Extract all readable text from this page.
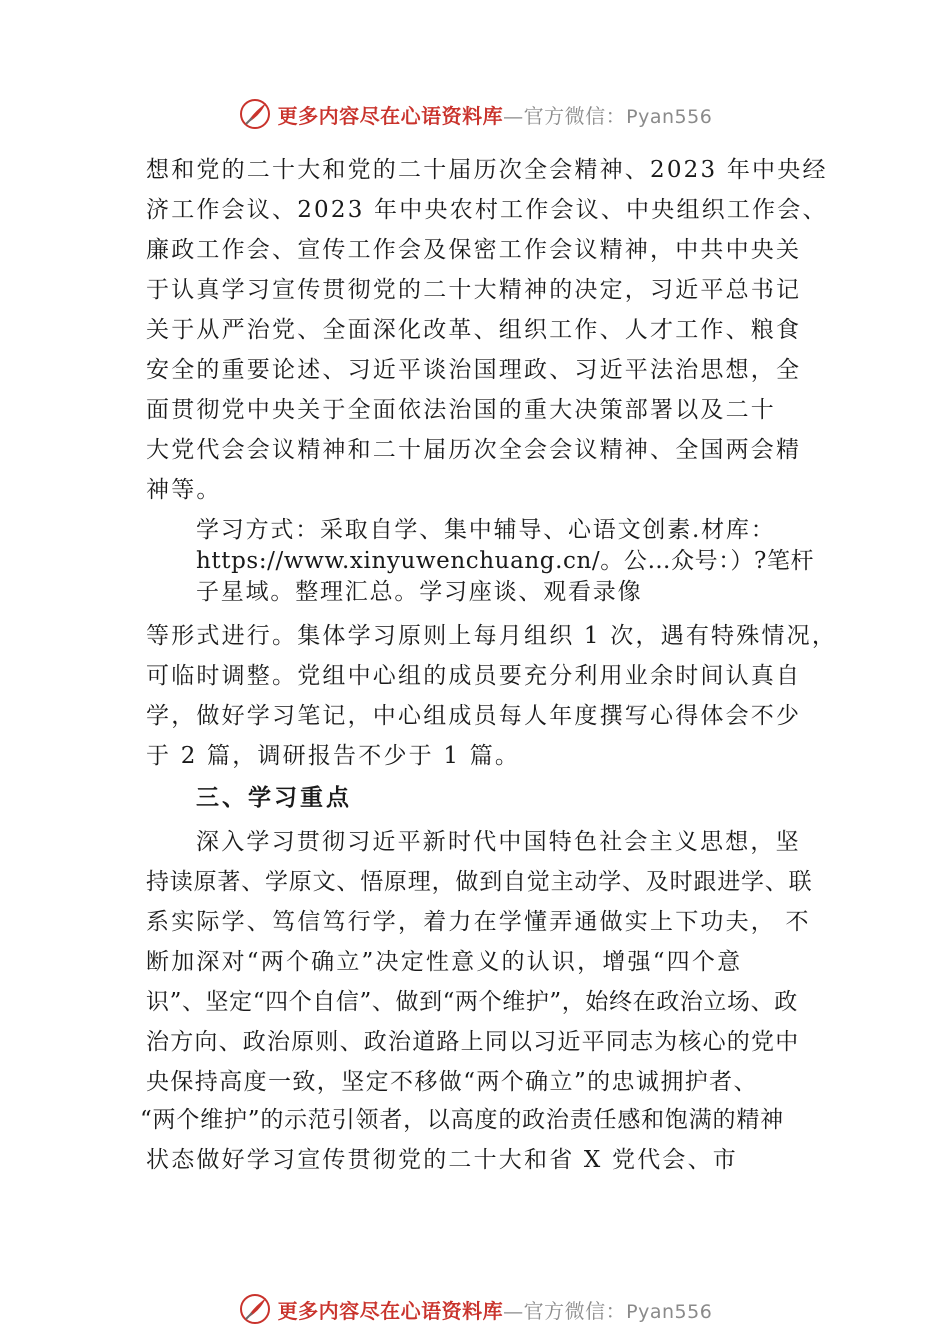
更多内容尽在心语资料库—官方微信：Pyan556
想和党的二十大和党的二十届历次全会精神、2023 年中央经
济工作会议、2023 年中央农村工作会议、中央组织工作会、
廉政工作会、宣传工作会及保密工作会议精神，中共中央关
于认真学习宣传贯彻党的二十大精神的决定，习近平总书记
关于从严治党、全面深化改革、组织工作、人才工作、粮食
安全的重要论述、习近平谈治国理政、习近平法治思想，全
面贯彻党中央关于全面依法治国的重大决策部署以及二十
大党代会会议精神和二十届历次全会会议精神、全国两会精
神等。
学习方式：采取自学、集中辅导、心语文创素.材库：
https://www.xinyuwenchuang.cn/。公…众号：）?笔杆
子星域。整理汇总。学习座谈、观看录像
等形式进行。集体学习原则上每月组织 1 次，遇有特殊情况，
可临时调整。党组中心组的成员要充分利用业余时间认真自
学，做好学习笔记，中心组成员每人年度撰写心得体会不少
于 2 篇，调研报告不少于 1 篇。
三、学习重点
深入学习贯彻习近平新时代中国特色社会主义思想，坚
持读原著、学原文、悟原理，做到自觉主动学、及时跟进学、联
系实际学、笃信笃行学，着力在学懂弄通做实上下功夫， 不
断加深对“两个确立”决定性意义的认识，增强“四个意
识”、坚定“四个自信”、做到“两个维护”，始终在政治立场、政
治方向、政治原则、政治道路上同以习近平同志为核心的党中
央保持高度一致，坚定不移做“两个确立”的忠诚拥护者、
“两个维护”的示范引领者，以高度的政治责任感和饱满的精神
状态做好学习宣传贯彻党的二十大和省 X 党代会、市
更多内容尽在心语资料库—官方微信：Pyan556
